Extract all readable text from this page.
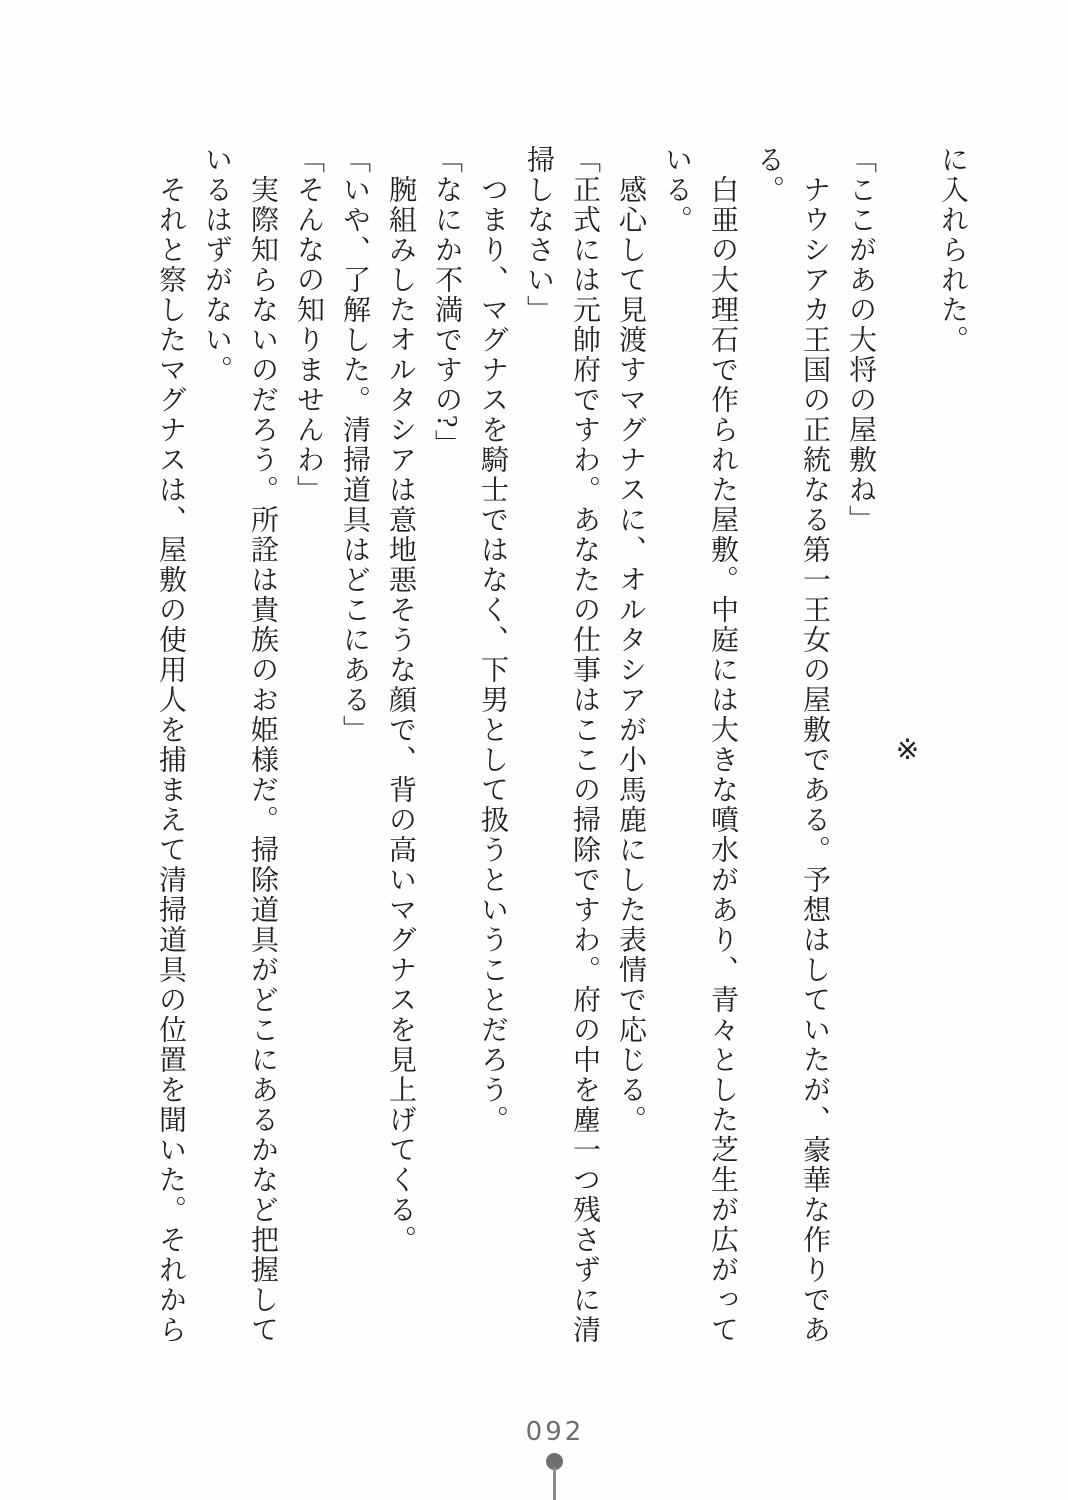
に入れられた。

※

「ここがあの大将の屋敷ね」

ナウシアカ王国の正統なる第一王女の屋敷である。予想はしていたが、豪華な作りであ

る。

白亜の大理石で作られた屋敷。中庭には大きな噴水があり、青々とした芝生が広がって

いる。

感心して見渡すマグナスに、オルタシアが小馬鹿にした表情で応じる。

「正式には元帥府ですわ。あなたの仕事はここの掃除ですわ。府の中を塵一つ残さずに清

掃しなさい」

つまり、マグナスを騎士ではなく、下男として扱うということだろう。

「なにか不満ですの?」

腕組みしたオルタシアは意地悪そうな顔で、背の高いマグナスを見上げてくる。

「いや、了解した。清掃道具はどこにある」

「そんなの知りませんわ」

実際知らないのだろう。所詮は貴族のお姫様だ。掃除道具がどこにあるかなど把握して

いるはずがない。

それと察したマグナスは、屋敷の使用人を捕まえて清掃道具の位置を聞いた。それから

092
